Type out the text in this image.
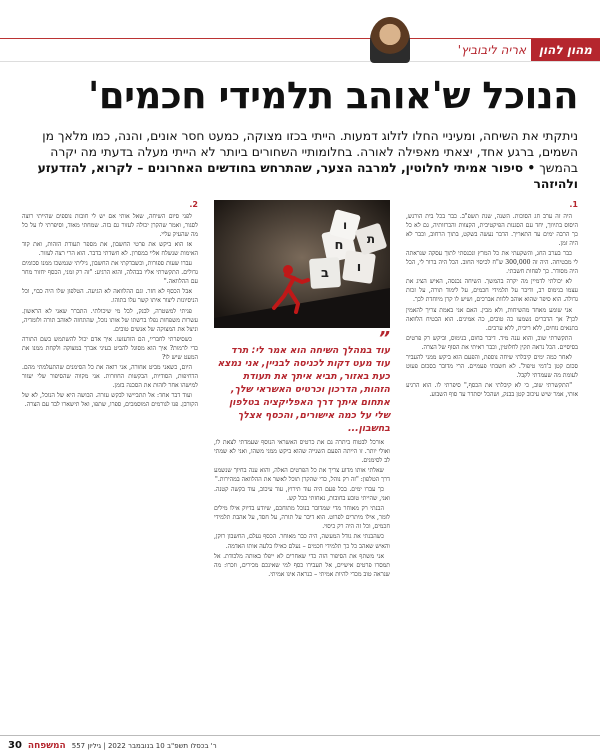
מהון להון
אריה ליבוביץ'
הנוכל ש'אוהב תלמידי חכמים'
ניתקתי את השיחה, ומעיניי החלו לזלוג דמעות. הייתי בכזו מצוקה, כמעט חסר אונים, והנה, כמו מלאך מן השמים, ברגע אחד, יצאתי מאפילה לאורה. בחלומותיי השחורים ביותר לא הייתי מעלה בדעתי מה יקרה בהמשך • סיפור אמיתי לחלוטין, למרבה הצער, שהתרחש בחודשים האחרונים – לקרוא, להזדעזע ולהיזהר
1.

היה זה ערב חג הסוכות. השנה, שנת תשפ"ב. כבר בכל בית הורגש, היסוס בתיווך, יחד עם הסגנות הפיקטיבית, הקצוות והכרזותיה, גם לא כל כך הרבה ימים עד התאריך. הדבר נעשה בשקט, בתוך הרחוב, וכבר לא היה זמן.

כבר בערב החג, והשקעתי את כל המרץ ונכנסתי לתוך עסקה שנראתה לי מבטיחה. היה זה 300,000 ש"ח לכיסוי החוב. הכל היה ברור לי, הכל היה מסודר. כך לפחות חשבתי.

לא יכולתי לדמיין מה יקרה בהמשך. השיחה נכנסה, האיש הציג את עצמו בנימוס רב, ודיבר על תלמידי חכמים, על לימוד תורה, על זכות גדולה. הוא סיפר שהוא אוהב ללוות אברכים, ושיש לו קרן מיוחדת לכך.

אני שומע מאחד מהשיחות, ולא מבין. האם אני באמת צריך להאמין לכך? אך הדברים נשמעו כה טובים, כה אמינים. הוא הבטיח הלוואה בתנאים נוחים, ללא ריבית, ללא ערבים.

התקשרתי שוב, והוא ענה מיד. דיבר בחום, בנימוס, וביקש רק פרטים בסיסיים. הכל נראה תקין לחלוטין, וכבר ראיתי את הסוף של הצרה.

לאחר כמה ימים קיבלתי שיחה נוספת, והפעם הוא ביקש ממני להעביר סכום קטן כ'דמי טיפול'. לא חשבתי פעמיים. הרי מדובר בסכום פעוט לעומת מה שעמדתי לקבל.

"התקשרתי שוב, כי לא קיבלתי את הכסף," סיפרתי לו. הוא הרגיע אותי, אמר שיש עיכוב קטן בבנק, ושהכל יסתדר עד סוף השבוע.

ח
ו
ב
ו
ת
”
עוד במהלך השיחה הוא אמר לי: תרד עוד מעט דקות לכניסה לבניין, אני נמצא כעת באזור, תביא איתך את תעודת הזהות, הדרכון וכרטיס האשראי שלך, אתחום איתך דרך האפליקציה בטלפון שלי על כמה אישורים, והכסף אצלך בחשבון...

אורכל לבטוח ביתרה גם את כרטיס האשראי הנוסף שעמדתי לצאת לו, ואולי יותר. זו הייתה הפעם השנייה שהוא ביקש ממני משהו, ואני לא שמתי לב לסימנים.

שאלתי אותו מדוע צריך את כל הפרטים האלה, והוא ענה בחיוך שנשמע דרך הטלפון: "זה רק נוהל, כדי שהקרן תוכל לאשר את ההלוואה במהירות."

כך עברו ימים. בכל פעם היה עוד תירוץ, עוד עיכוב, עוד בקשה קטנה. ואני, שהייתי טובע בחובות, נאחזתי בכל קש.

הבנתי רק מאוחר מדי שמדובר בנוכל מתוחכם, שיודע בדיוק אילו מילים לומר, אילו מיתרים לפרוט. הוא דיבר על תורה, על חסד, על אהבת תלמידי חכמים, וכל זה היה רק כיסוי.

כשהבנתי את גודל המעשה, היה כבר מאוחר. הכסף נעלם, החשבון רוקן, והאיש שאהב כל כך תלמידי חכמים – נעלם כאילו בלעה אותו האדמה.

אני משתף את הסיפור הזה כדי שאחרים לא ייפלו באותה מלכודת. אל תמסרו פרטים אישיים, אל תעבירו כסף למי שאינכם מכירים, וזכרו: מה שנראה טוב מכדי להיות אמיתי – כנראה אינו אמיתי.

2.

לפני סיום השיחה, שאל אותי אם יש לי חובות נוספים שהייתי רוצה לסגור, ואמר שהקרן יכולה לעזור גם בזה. שמחתי מאוד, וסיפרתי לו על כל מה שהעיק עליי.

אז הוא ביקש את פרטי החשבון, את מספר תעודת הזהות, ואת קוד האימות שנשלח אליי במסרון. לא חשדתי בדבר. הוא הרי רצה לעזור.

עברו שעות ספורות, וכשבדקתי את החשבון, גיליתי שנמשכו ממנו סכומים גדולים. התקשרתי אליו בבהלה, והוא הרגיע: "זה רק זמני, הכסף יחזור מחר עם ההלוואה."

אבל הכסף לא חזר. וגם ההלוואה לא הגיעה. הטלפון שלו היה כבוי, וכל הניסיונות ליצור איתו קשר עלו בתוהו.

פניתי למשטרה, לבנק, לכל מי שיכולתי. התברר שאני לא הראשון. עשרות משפחות נפלו ברשתו של אותו נוכל, שהתחזה לאוהב תורה ולומדיה, וניצל את המצוקה של אנשים טובים.

כשסיפרתי לחבריי, הם הזדעזעו. איך אדם יכול להשתמש בשם התורה כדי לרמות? איך הוא מסוגל להביט בעיני אברך במצוקה ולקחת ממנו את המעט שיש לו?

היום, כשאני מביט אחורה, אני רואה את כל הסימנים שהתעלמתי מהם. הדחיפות, הסודיות, הבקשות החוזרות. אני מקווה שהסיפור שלי יעזור למישהו אחר לזהות את הסכנה בזמן.

ועוד דבר אחד: אל תתביישו לבקש עזרה. הבושה היא של הנוכל, לא של הקורבן. פנו לגורמים המוסמכים, ספרו, שתפו, ואל תישארו לבד עם הצרה.

30 המשפחה ר' בכסלו תשפ"ב 10 בנובמבר 2022 | גיליון 557
